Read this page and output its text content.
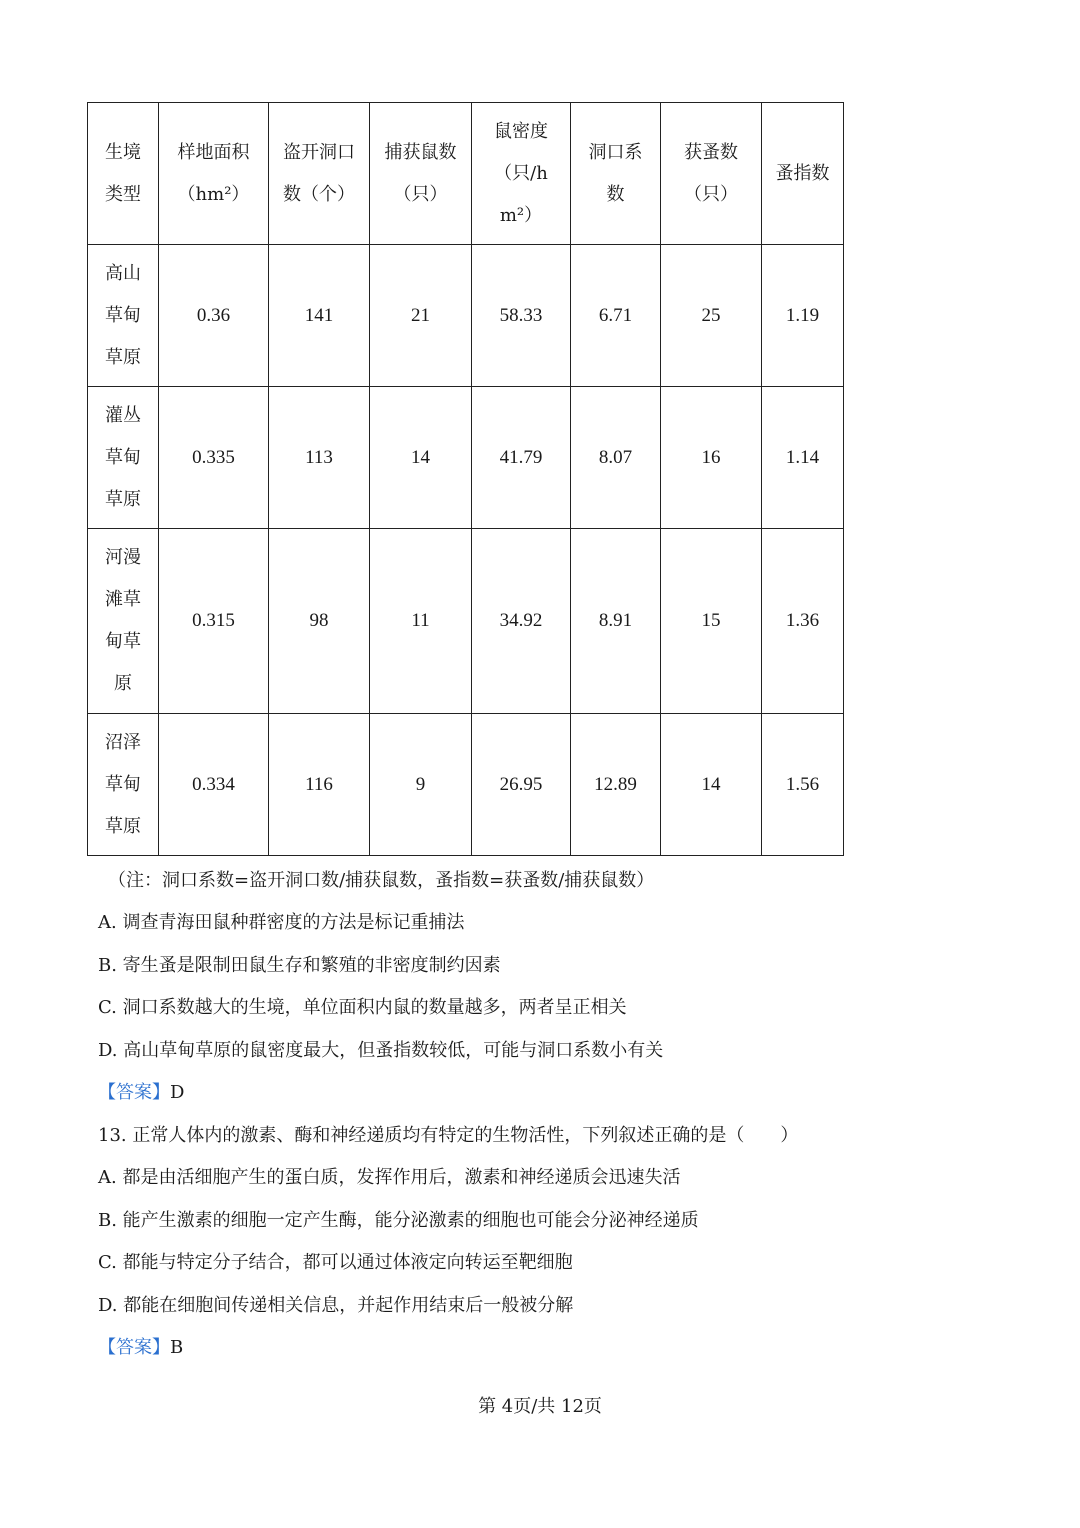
生境类型	样地面积（hm²）	盗开洞口数（个）	捕获鼠数（只）	鼠密度（只/hm²）	洞口系数	获蚤数（只）	蚤指数
高山草甸草原	0.36	141	21	58.33	6.71	25	1.19
灌丛草甸草原	0.335	113	14	41.79	8.07	16	1.14
河漫滩草甸草原	0.315	98	11	34.92	8.91	15	1.36
沼泽草甸草原	0.334	116	9	26.95	12.89	14	1.56
（注：洞口系数=盗开洞口数/捕获鼠数，蚤指数=获蚤数/捕获鼠数）
A. 调查青海田鼠种群密度的方法是标记重捕法
B. 寄生蚤是限制田鼠生存和繁殖的非密度制约因素
C. 洞口系数越大的生境，单位面积内鼠的数量越多，两者呈正相关
D. 高山草甸草原的鼠密度最大，但蚤指数较低，可能与洞口系数小有关
【答案】D
13. 正常人体内的激素、酶和神经递质均有特定的生物活性，下列叙述正确的是（　　）
A. 都是由活细胞产生的蛋白质，发挥作用后，激素和神经递质会迅速失活
B. 能产生激素的细胞一定产生酶，能分泌激素的细胞也可能会分泌神经递质
C. 都能与特定分子结合，都可以通过体液定向转运至靶细胞
D. 都能在细胞间传递相关信息，并起作用结束后一般被分解
【答案】B
第 4页/共 12页
